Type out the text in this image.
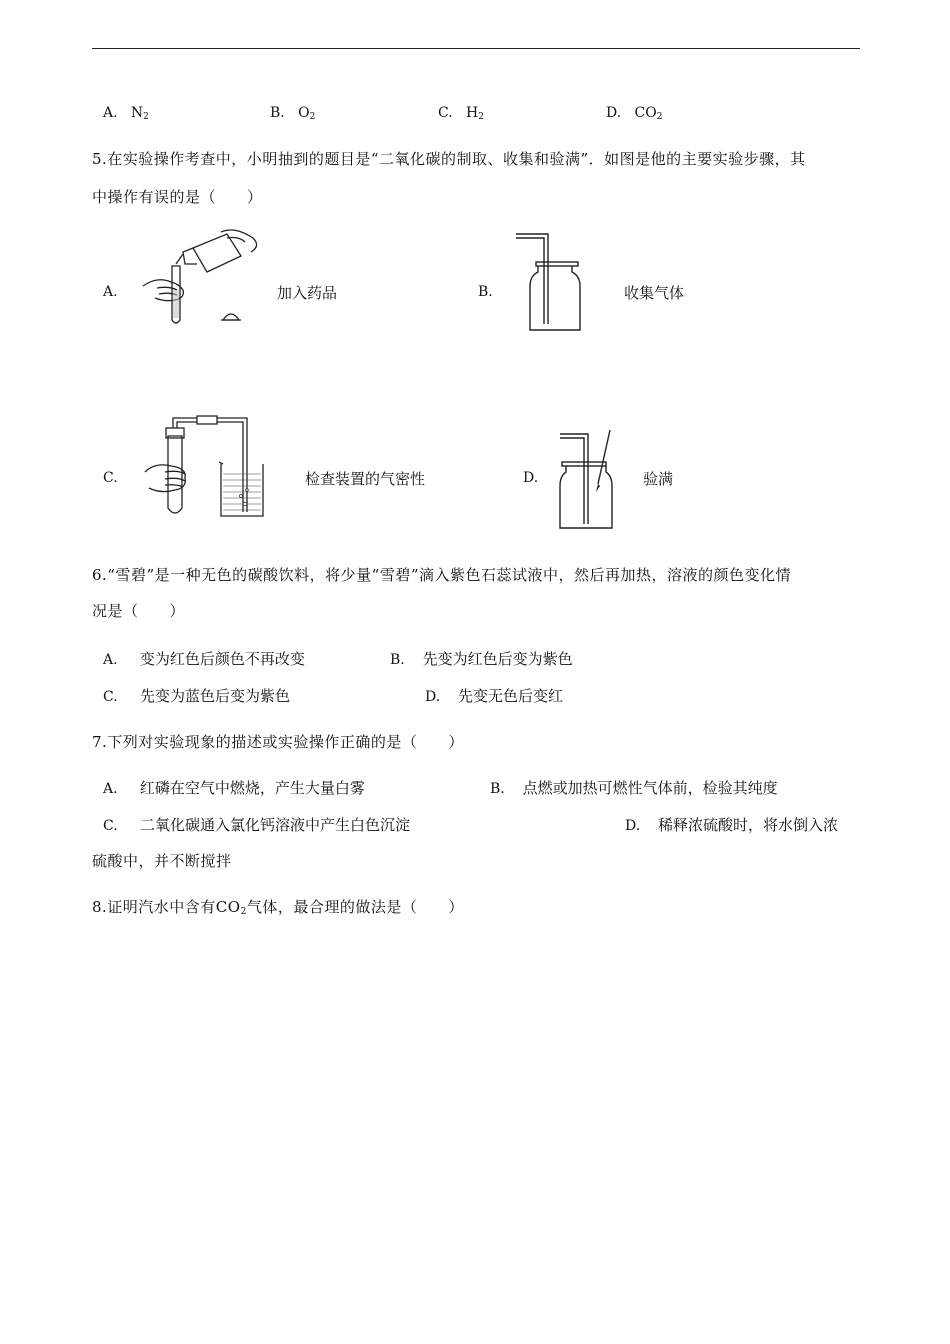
A. $N_2$	B. $O_2$	C. $H_2$	D. $CO_2$
5.在实验操作考查中，小明抽到的题目是“二氧化碳的制取、收集和验满”．如图是他的主要实验步骤，其
中操作有误的是（　　）
A.	加入药品	B.	收集气体
C.	检查装置的气密性	D.	验满
6.“雪碧”是一种无色的碳酸饮料，将少量“雪碧”滴入紫色石蕊试液中，然后再加热，溶液的颜色变化情
况是（　　）
A. 变为红色后颜色不再改变	B. 先变为红色后变为紫色
C. 先变为蓝色后变为紫色	D. 先变无色后变红
7.下列对实验现象的描述或实验操作正确的是（　　）
A. 红磷在空气中燃烧，产生大量白雾	B. 点燃或加热可燃性气体前，检验其纯度
C. 二氧化碳通入氯化钙溶液中产生白色沉淀	D. 稀释浓硫酸时，将水倒入浓
硫酸中，并不断搅拌
8.证明汽水中含有$CO_2$气体，最合理的做法是（　　）
